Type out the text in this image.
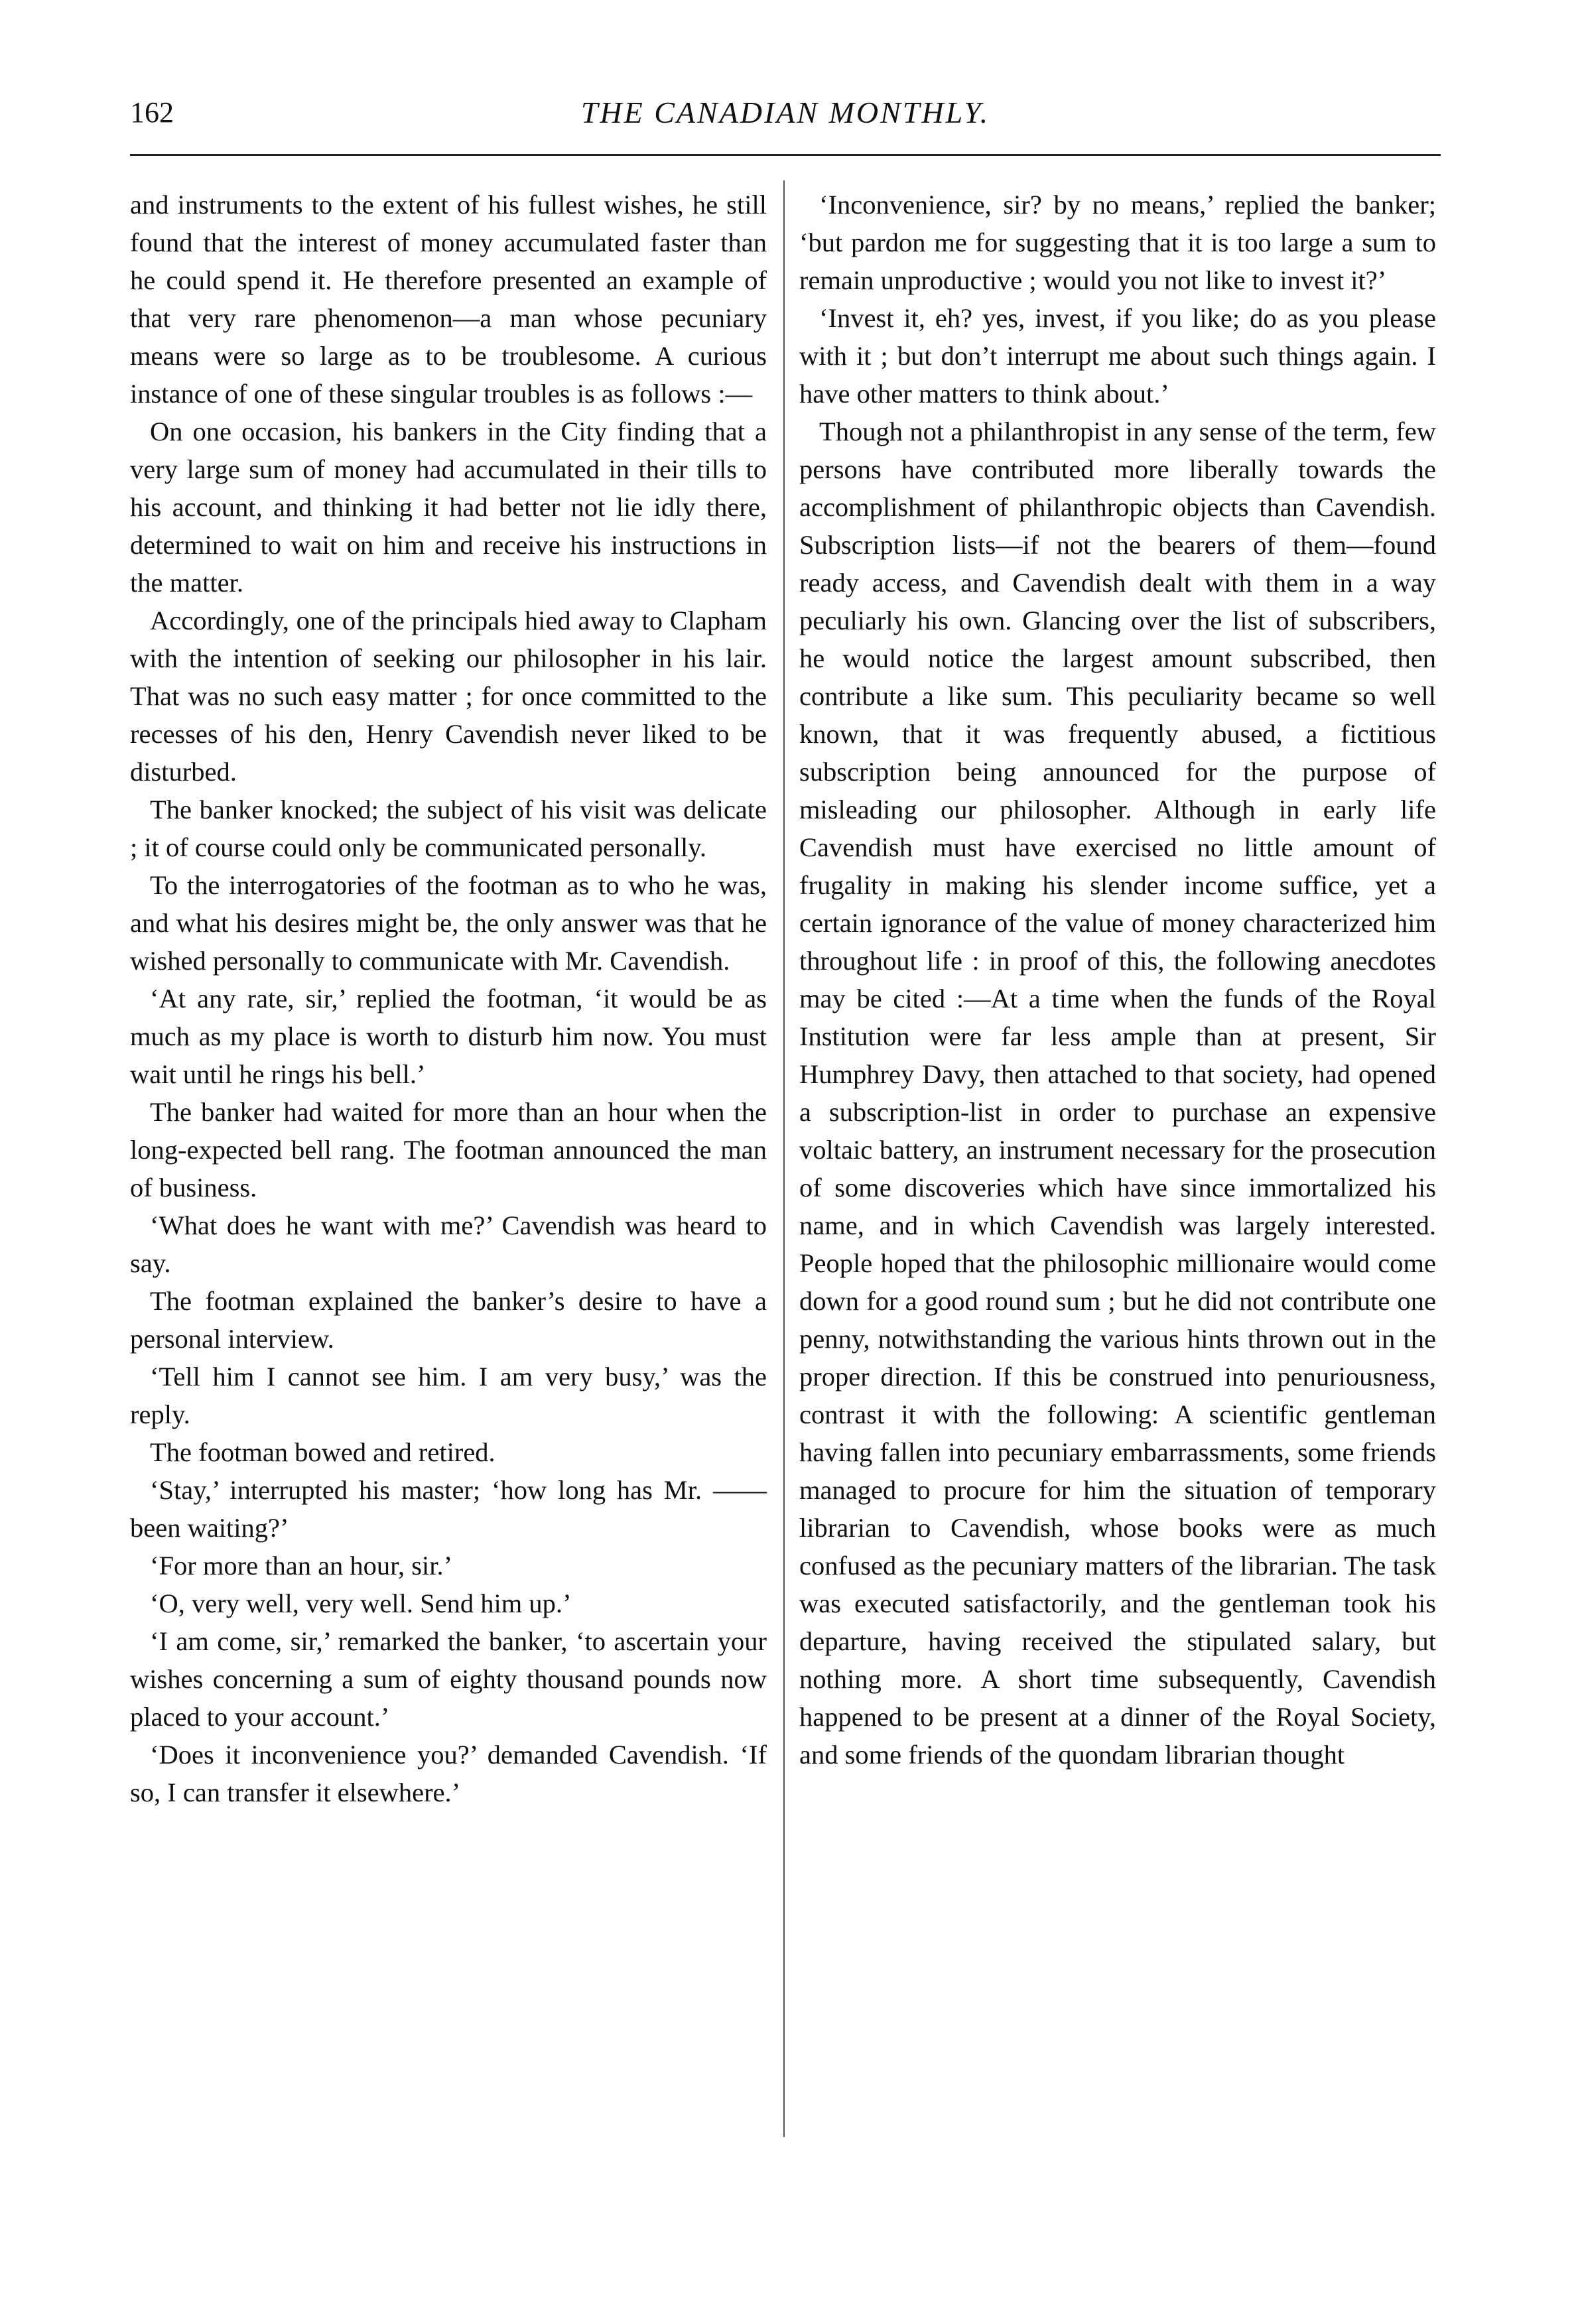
162	THE CANADIAN MONTHLY.

and instruments to the extent of his fullest wishes, he still found that the interest of money accumulated faster than he could spend it. He therefore presented an example of that very rare phenomenon—a man whose pecuniary means were so large as to be troublesome. A curious instance of one of these singular troubles is as follows :—

On one occasion, his bankers in the City finding that a very large sum of money had accumulated in their tills to his account, and thinking it had better not lie idly there, determined to wait on him and receive his instructions in the matter.

Accordingly, one of the principals hied away to Clapham with the intention of seeking our philosopher in his lair. That was no such easy matter ; for once committed to the recesses of his den, Henry Cavendish never liked to be disturbed.

The banker knocked; the subject of his visit was delicate ; it of course could only be communicated personally.

To the interrogatories of the footman as to who he was, and what his desires might be, the only answer was that he wished personally to communicate with Mr. Cavendish.

‘At any rate, sir,’ replied the footman, ‘it would be as much as my place is worth to disturb him now. You must wait until he rings his bell.’

The banker had waited for more than an hour when the long-expected bell rang. The footman announced the man of business.

‘What does he want with me?’ Cavendish was heard to say.

The footman explained the banker’s desire to have a personal interview.

‘Tell him I cannot see him. I am very busy,’ was the reply.

The footman bowed and retired.

‘Stay,’ interrupted his master; ‘how long has Mr. —— been waiting?’

‘For more than an hour, sir.’

‘O, very well, very well. Send him up.’

‘I am come, sir,’ remarked the banker, ‘to ascertain your wishes concerning a sum of eighty thousand pounds now placed to your account.’

‘Does it inconvenience you?’ demanded Cavendish. ‘If so, I can transfer it elsewhere.’

‘Inconvenience, sir? by no means,’ replied the banker; ‘but pardon me for suggesting that it is too large a sum to remain unproductive ; would you not like to invest it?’

‘Invest it, eh? yes, invest, if you like; do as you please with it ; but don’t interrupt me about such things again. I have other matters to think about.’

Though not a philanthropist in any sense of the term, few persons have contributed more liberally towards the accomplishment of philanthropic objects than Cavendish. Subscription lists—if not the bearers of them—found ready access, and Cavendish dealt with them in a way peculiarly his own. Glancing over the list of subscribers, he would notice the largest amount subscribed, then contribute a like sum. This peculiarity became so well known, that it was frequently abused, a fictitious subscription being announced for the purpose of misleading our philosopher. Although in early life Cavendish must have exercised no little amount of frugality in making his slender income suffice, yet a certain ignorance of the value of money characterized him throughout life : in proof of this, the following anecdotes may be cited :—At a time when the funds of the Royal Institution were far less ample than at present, Sir Humphrey Davy, then attached to that society, had opened a subscription-list in order to purchase an expensive voltaic battery, an instrument necessary for the prosecution of some discoveries which have since immortalized his name, and in which Cavendish was largely interested. People hoped that the philosophic millionaire would come down for a good round sum ; but he did not contribute one penny, notwithstanding the various hints thrown out in the proper direction. If this be construed into penuriousness, contrast it with the following: A scientific gentleman having fallen into pecuniary embarrassments, some friends managed to procure for him the situation of temporary librarian to Cavendish, whose books were as much confused as the pecuniary matters of the librarian. The task was executed satisfactorily, and the gentleman took his departure, having received the stipulated salary, but nothing more. A short time subsequently, Cavendish happened to be present at a dinner of the Royal Society, and some friends of the quondam librarian thought
